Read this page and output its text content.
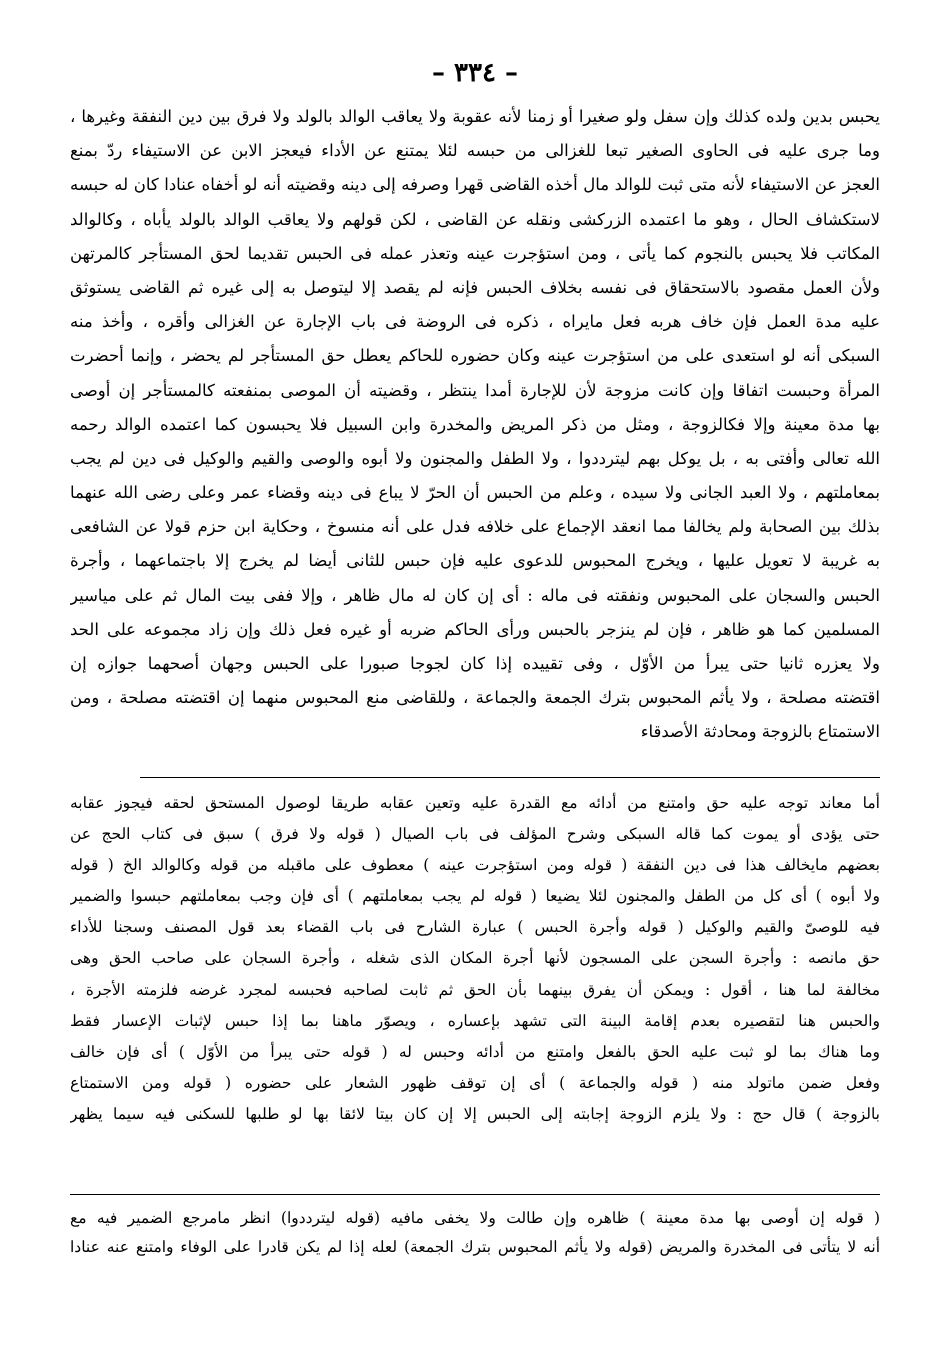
– ٣٣٤ –
يحبس بدين ولده كذلك وإن سفل ولو صغيرا أو زمنا لأنه عقوبة ولا يعاقب الوالد بالولد ولا فرق بين دين النفقة وغيرها ،
وما جرى عليه فى الحاوى الصغير تبعا للغزالى من حبسه لئلا يمتنع عن الأداء فيعجز الابن عن الاستيفاء ردّ بمنع
العجز عن الاستيفاء لأنه متى ثبت للوالد مال أخذه القاضى قهرا وصرفه إلى دينه وقضيته أنه لو أخفاه عنادا كان له حبسه
لاستكشاف الحال ، وهو ما اعتمده الزركشى ونقله عن القاضى ، لكن قولهم ولا يعاقب الوالد بالولد يأباه ، وكالوالد
المكاتب فلا يحبس بالنجوم كما يأتى ، ومن استؤجرت عينه وتعذر عمله فى الحبس تقديما لحق المستأجر كالمرتهن
ولأن العمل مقصود بالاستحقاق فى نفسه بخلاف الحبس فإنه لم يقصد إلا ليتوصل به إلى غيره ثم القاضى يستوثق
عليه مدة العمل فإن خاف هربه فعل مايراه ، ذكره فى الروضة فى باب الإجارة عن الغزالى وأقره ، وأخذ منه
السبكى أنه لو استعدى على من استؤجرت عينه وكان حضوره للحاكم يعطل حق المستأجر لم يحضر ، وإنما أحضرت
المرأة وحبست اتفاقا وإن كانت مزوجة لأن للإجارة أمدا ينتظر ، وقضيته أن الموصى بمنفعته كالمستأجر إن أوصى
بها مدة معينة وإلا فكالزوجة ، ومثل من ذكر المريض والمخدرة وابن السبيل فلا يحبسون كما اعتمده الوالد رحمه
الله تعالى وأفتى به ، بل يوكل بهم ليترددوا ، ولا الطفل والمجنون ولا أبوه والوصى والقيم والوكيل فى دين لم يجب
بمعاملتهم ، ولا العبد الجانى ولا سيده ، وعلم من الحبس أن الحرّ لا يباع فى دينه وقضاء عمر وعلى رضى الله عنهما
بذلك بين الصحابة ولم يخالفا مما انعقد الإجماع على خلافه فدل على أنه منسوخ ، وحكاية ابن حزم قولا عن الشافعى
به غريبة لا تعويل عليها ، ويخرج المحبوس للدعوى عليه فإن حبس للثانى أيضا لم يخرج إلا باجتماعهما ، وأجرة
الحبس والسجان على المحبوس ونفقته فى ماله : أى إن كان له مال ظاهر ، وإلا ففى بيت المال ثم على مياسير
المسلمين كما هو ظاهر ، فإن لم ينزجر بالحبس ورأى الحاكم ضربه أو غيره فعل ذلك وإن زاد مجموعه على الحد
ولا يعزره ثانيا حتى يبرأ من الأوّل ، وفى تقييده إذا كان لجوجا صبورا على الحبس وجهان أصحهما جوازه إن
اقتضته مصلحة ، ولا يأثم المحبوس بترك الجمعة والجماعة ، وللقاضى منع المحبوس منهما إن اقتضته مصلحة ، ومن
الاستمتاع بالزوجة ومحادثة الأصدقاء
أما معاند توجه عليه حق وامتنع من أدائه مع القدرة عليه وتعين عقابه طريقا لوصول المستحق لحقه فيجوز عقابه
حتى يؤدى أو يموت كما قاله السبكى وشرح المؤلف فى باب الصيال ( قوله ولا فرق ) سبق فى كتاب الحج عن
بعضهم مايخالف هذا فى دين النفقة ( قوله ومن استؤجرت عينه ) معطوف على ماقبله من قوله وكالوالد الخ ( قوله
ولا أبوه ) أى كل من الطفل والمجنون لئلا يضيعا ( قوله لم يجب بمعاملتهم ) أى فإن وجب بمعاملتهم حبسوا والضمير
فيه للوصىّ والقيم والوكيل ( قوله وأجرة الحبس ) عبارة الشارح فى باب القضاء بعد قول المصنف وسجنا للأداء
حق مانصه : وأجرة السجن على المسجون لأنها أجرة المكان الذى شغله ، وأجرة السجان على صاحب الحق وهى
مخالفة لما هنا ، أقول : ويمكن أن يفرق بينهما بأن الحق ثم ثابت لصاحبه فحبسه لمجرد غرضه فلزمته الأجرة ،
والحبس هنا لتقصيره بعدم إقامة البينة التى تشهد بإعساره ، ويصوّر ماهنا بما إذا حبس لإثبات الإعسار فقط
وما هناك بما لو ثبت عليه الحق بالفعل وامتنع من أدائه وحبس له ( قوله حتى يبرأ من الأوّل ) أى فإن خالف
وفعل ضمن ماتولد منه ( قوله والجماعة ) أى إن توقف ظهور الشعار على حضوره ( قوله ومن الاستمتاع
بالزوجة ) قال حج : ولا يلزم الزوجة إجابته إلى الحبس إلا إن كان بيتا لائقا بها لو طلبها للسكنى فيه سيما يظهر
( قوله إن أوصى بها مدة معينة ) ظاهره وإن طالت ولا يخفى مافيه (قوله ليترددوا) انظر مامرجع الضمير فيه مع
أنه لا يتأتى فى المخدرة والمريض (قوله ولا يأثم المحبوس بترك الجمعة) لعله إذا لم يكن قادرا على الوفاء وامتنع عنه عنادا
